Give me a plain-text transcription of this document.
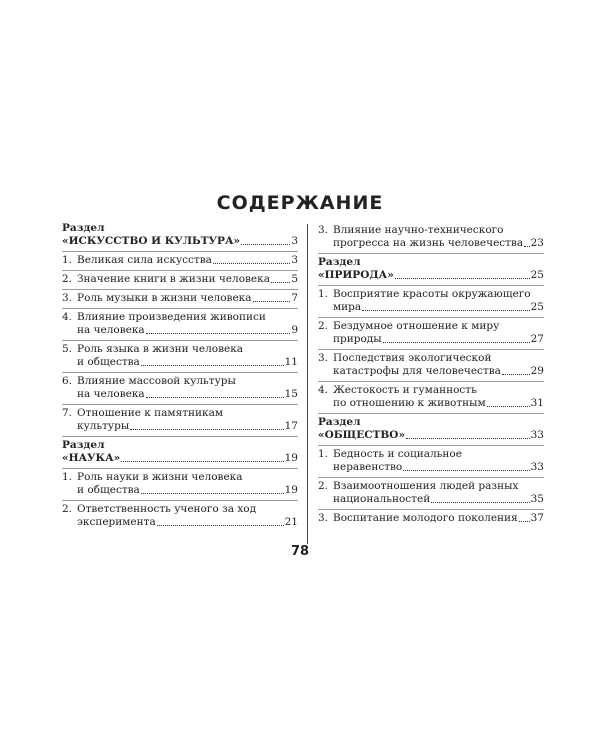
СОДЕРЖАНИЕ
Раздел
«ИСКУССТВО И КУЛЬТУРА»	3
1. Великая сила искусства	3
2. Значение книги в жизни человека 5
3. Роль музыки в жизни человека	7
4. Влияние произведения живописи
на человека	9
5. Роль языка в жизни человека
и общества	11
6. Влияние массовой культуры
на человека	15
7. Отношение к памятникам
культуры	17
Раздел
«НАУКА»	19
1. Роль науки в жизни человека
и общества	19
2. Ответственность ученого за ход
эксперимента	21
3. Влияние научно-технического
прогресса на жизнь человечества 23
Раздел
«ПРИРОДА»	25
1. Восприятие красоты окружающего
мира	25
2. Бездумное отношение к миру
природы	27
3. Последствия экологической
катастрофы для человечества	29
4. Жестокость и гуманность
по отношению к животным	31
Раздел
«ОБЩЕСТВО»	33
1. Бедность и социальное
неравенство	33
2. Взаимоотношения людей разных
национальностей	35
3. Воспитание молодого поколения 37
78
